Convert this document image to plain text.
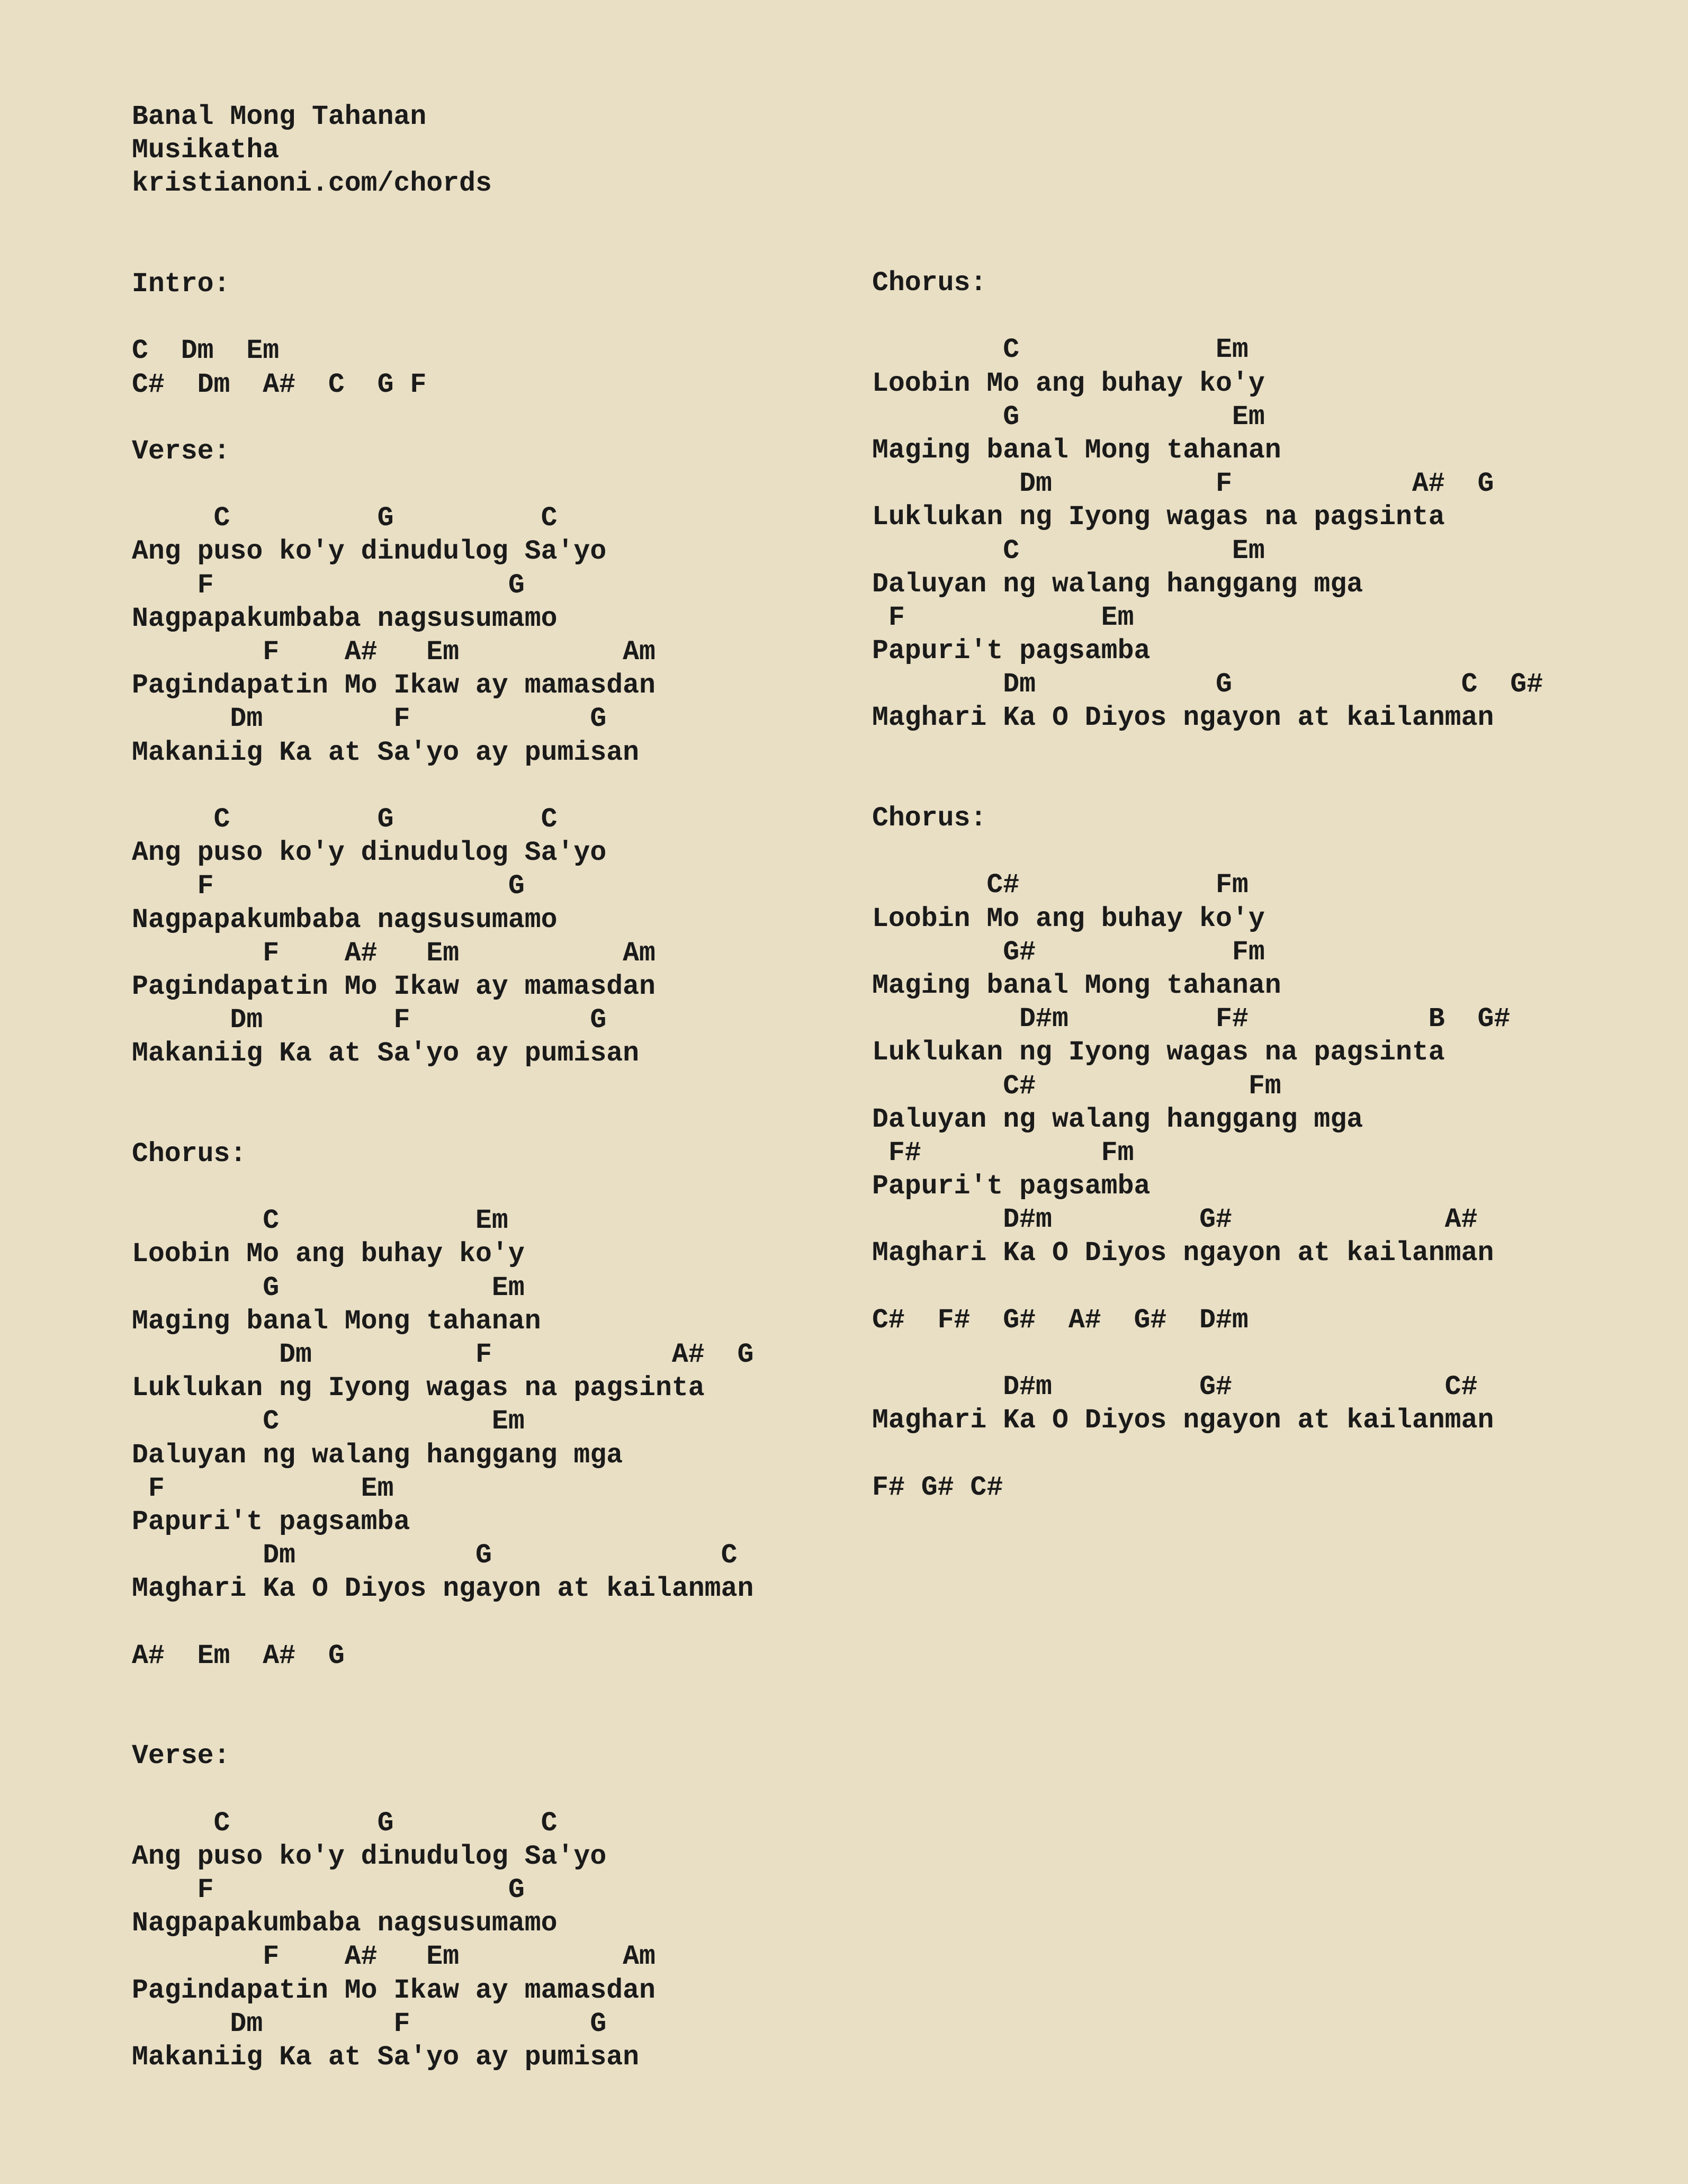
Banal Mong Tahanan
Musikatha
kristianoni.com/chords
Intro:
C  Dm  Em
C#  Dm  A#  C  G F
Verse:
C         G         C
Ang puso ko'y dinudulog Sa'yo
F                  G
Nagpapakumbaba nagsusumamo
F    A#   Em          Am
Pagindapatin Mo Ikaw ay mamasdan
Dm        F           G
Makaniig Ka at Sa'yo ay pumisan
C         G         C
Ang puso ko'y dinudulog Sa'yo
F                  G
Nagpapakumbaba nagsusumamo
F    A#   Em          Am
Pagindapatin Mo Ikaw ay mamasdan
Dm        F           G
Makaniig Ka at Sa'yo ay pumisan
Chorus:
C            Em
Loobin Mo ang buhay ko'y
G             Em
Maging banal Mong tahanan
Dm          F           A#  G
Luklukan ng Iyong wagas na pagsinta
C             Em
Daluyan ng walang hanggang mga
F            Em
Papuri't pagsamba
Dm           G              C
Maghari Ka O Diyos ngayon at kailanman
A#  Em  A#  G
Verse:
C         G         C
Ang puso ko'y dinudulog Sa'yo
F                  G
Nagpapakumbaba nagsusumamo
F    A#   Em          Am
Pagindapatin Mo Ikaw ay mamasdan
Dm        F           G
Makaniig Ka at Sa'yo ay pumisan
Chorus:
C            Em
Loobin Mo ang buhay ko'y
G             Em
Maging banal Mong tahanan
Dm          F           A#  G
Luklukan ng Iyong wagas na pagsinta
C             Em
Daluyan ng walang hanggang mga
F            Em
Papuri't pagsamba
Dm           G              C  G#
Maghari Ka O Diyos ngayon at kailanman
Chorus:
C#            Fm
Loobin Mo ang buhay ko'y
G#            Fm
Maging banal Mong tahanan
D#m         F#           B  G#
Luklukan ng Iyong wagas na pagsinta
C#             Fm
Daluyan ng walang hanggang mga
F#           Fm
Papuri't pagsamba
D#m         G#             A#
Maghari Ka O Diyos ngayon at kailanman
C#  F#  G#  A#  G#  D#m
D#m         G#             C#
Maghari Ka O Diyos ngayon at kailanman
F# G# C#
